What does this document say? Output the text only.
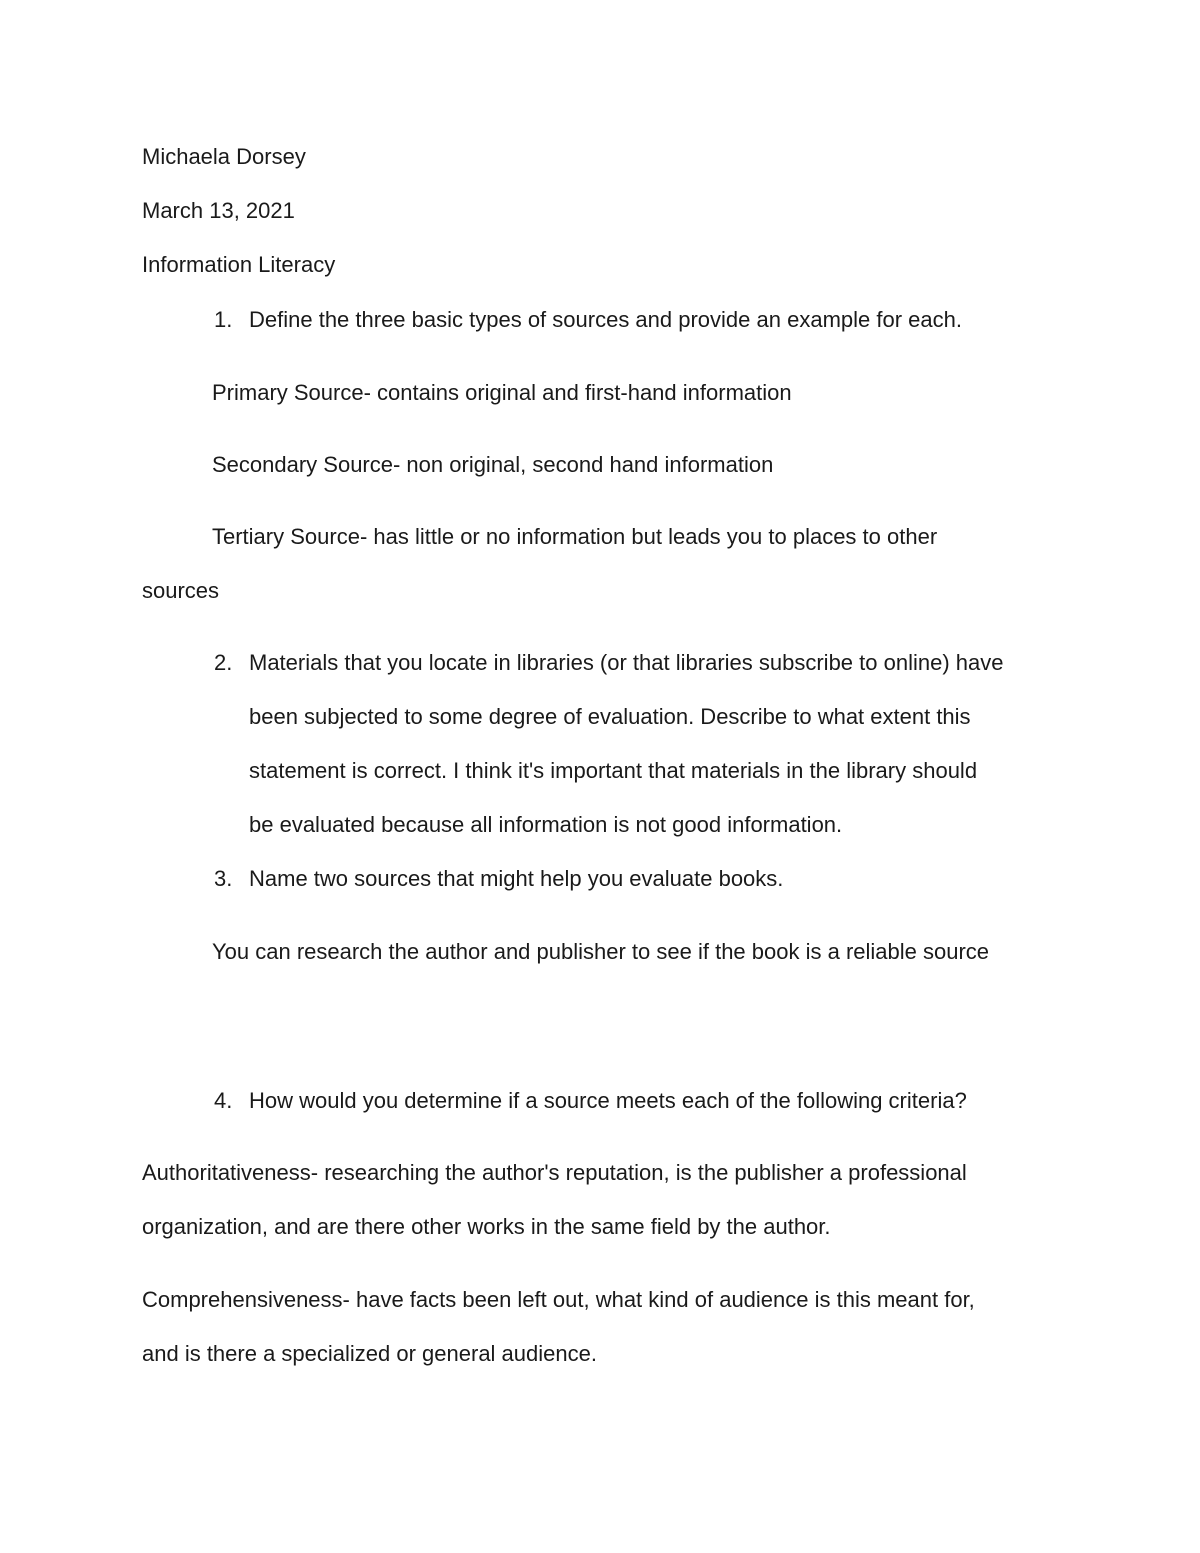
Michaela Dorsey
March 13, 2021
Information Literacy
1. Define the three basic types of sources and provide an example for each.
Primary Source- contains original and first-hand information
Secondary Source- non original, second hand information
Tertiary Source- has little or no information but leads you to places to other
sources
2. Materials that you locate in libraries (or that libraries subscribe to online) have
been subjected to some degree of evaluation. Describe to what extent this
statement is correct. I think it's important that materials in the library should
be evaluated because all information is not good information.
3. Name two sources that might help you evaluate books.
You can research the author and publisher to see if the book is a reliable source
4. How would you determine if a source meets each of the following criteria?
Authoritativeness- researching the author's reputation, is the publisher a professional
organization, and are there other works in the same field by the author.
Comprehensiveness- have facts been left out, what kind of audience is this meant for,
and is there a specialized or general audience.
